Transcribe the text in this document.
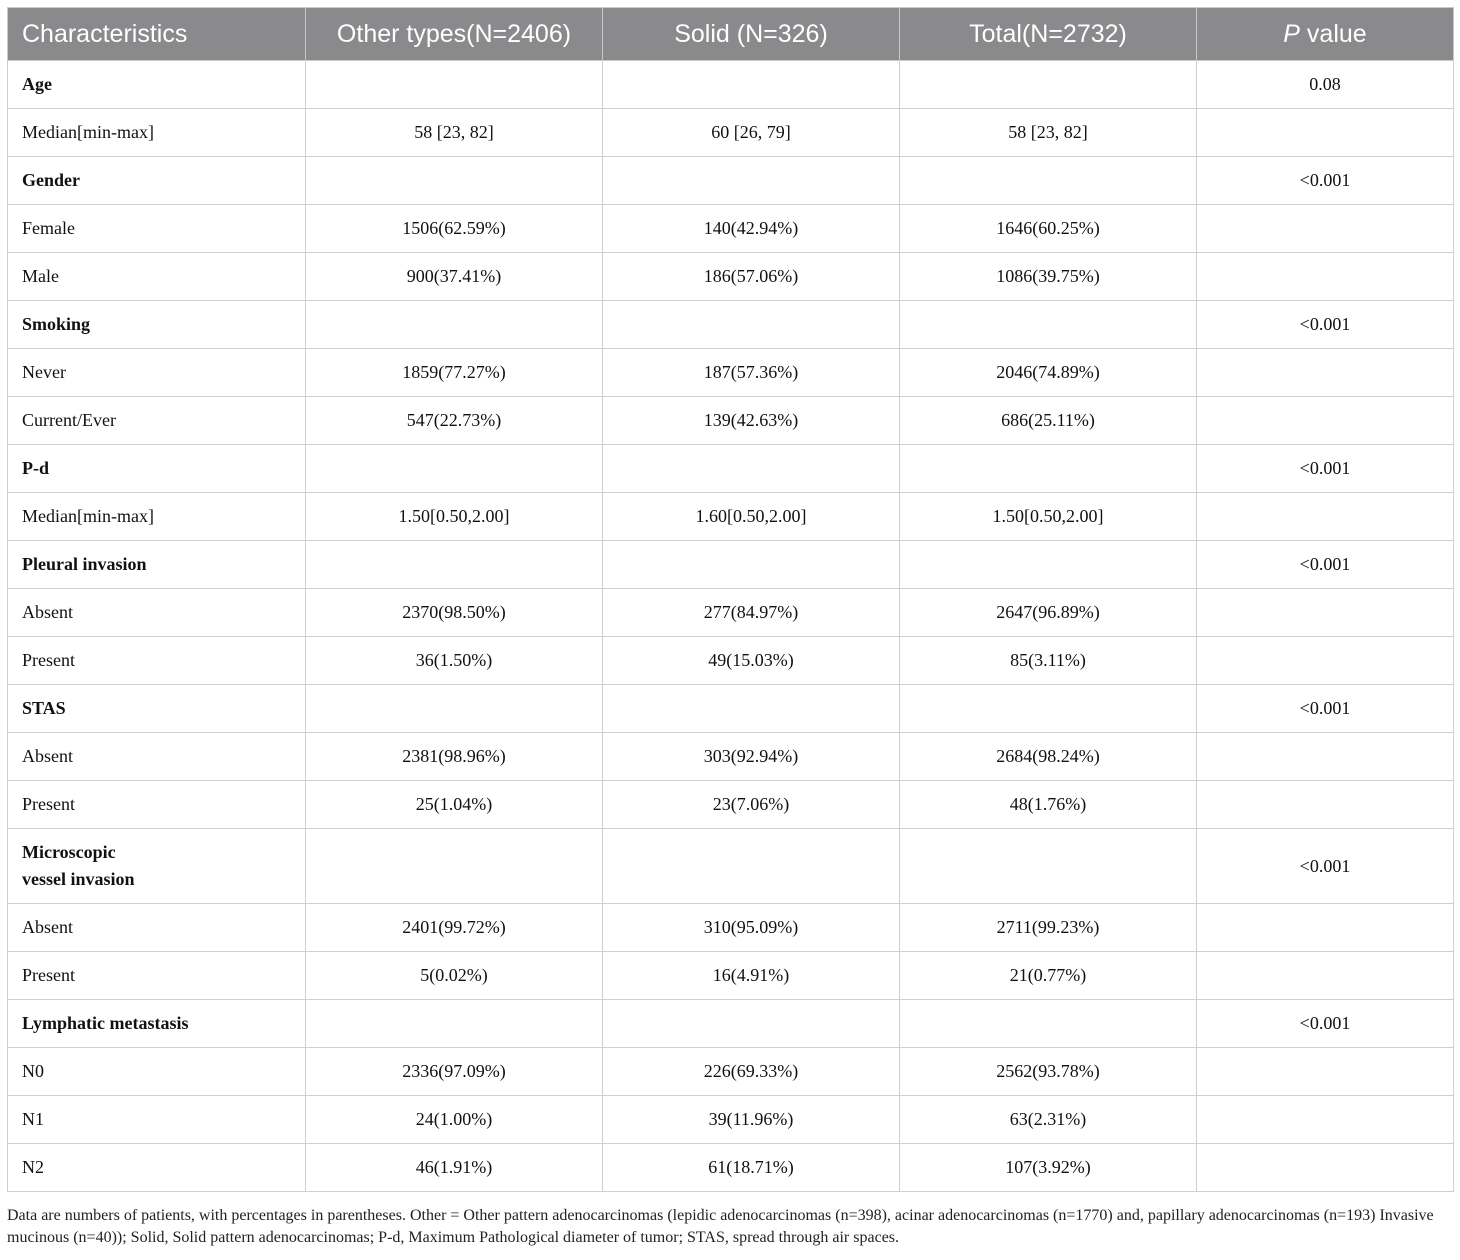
Characteristics	Other types(N=2406)	Solid (N=326)	Total(N=2732)	P value
Age				0.08
Median[min-max]	58 [23, 82]	60 [26, 79]	58 [23, 82]	
Gender				<0.001
Female	1506(62.59%)	140(42.94%)	1646(60.25%)	
Male	900(37.41%)	186(57.06%)	1086(39.75%)	
Smoking				<0.001
Never	1859(77.27%)	187(57.36%)	2046(74.89%)	
Current/Ever	547(22.73%)	139(42.63%)	686(25.11%)	
P-d				<0.001
Median[min-max]	1.50[0.50,2.00]	1.60[0.50,2.00]	1.50[0.50,2.00]	
Pleural invasion				<0.001
Absent	2370(98.50%)	277(84.97%)	2647(96.89%)	
Present	36(1.50%)	49(15.03%)	85(3.11%)	
STAS				<0.001
Absent	2381(98.96%)	303(92.94%)	2684(98.24%)	
Present	25(1.04%)	23(7.06%)	48(1.76%)	
Microscopic
vessel invasion				<0.001
Absent	2401(99.72%)	310(95.09%)	2711(99.23%)	
Present	5(0.02%)	16(4.91%)	21(0.77%)	
Lymphatic metastasis				<0.001
N0	2336(97.09%)	226(69.33%)	2562(93.78%)	
N1	24(1.00%)	39(11.96%)	63(2.31%)	
N2	46(1.91%)	61(18.71%)	107(3.92%)	
Data are numbers of patients, with percentages in parentheses. Other = Other pattern adenocarcinomas (lepidic adenocarcinomas (n=398), acinar adenocarcinomas (n=1770) and, papillary adenocarcinomas (n=193) Invasive mucinous (n=40)); Solid, Solid pattern adenocarcinomas; P-d, Maximum Pathological diameter of tumor; STAS, spread through air spaces.
